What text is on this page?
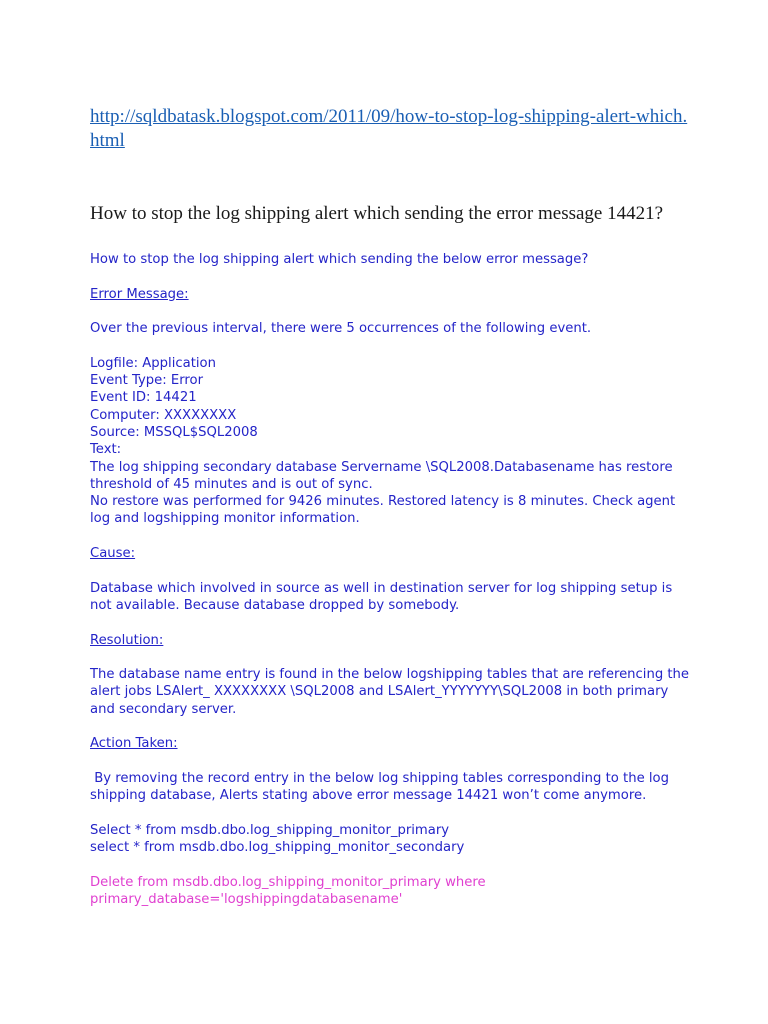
http://sqldbatask.blogspot.com/2011/09/how-to-stop-log-shipping-alert-which.html
How to stop the log shipping alert which sending the error message 14421?

How to stop the log shipping alert which sending the below error message?

Error Message:

Over the previous interval, there were 5 occurrences of the following event.

Logfile: Application

Event Type: Error

Event ID: 14421

Computer: XXXXXXXX

Source: MSSQL$SQL2008

Text:

The log shipping secondary database Servername \SQL2008.Databasename has restore threshold of 45 minutes and is out of sync.

No restore was performed for 9426 minutes. Restored latency is 8 minutes. Check agent log and logshipping monitor information.

Cause:

Database which involved in source as well in destination server for log shipping setup is not available. Because database dropped by somebody.

Resolution:

The database name entry is found in the below logshipping tables that are referencing the alert jobs LSAlert_ XXXXXXXX \SQL2008 and LSAlert_YYYYYYY\SQL2008 in both primary and secondary server.

Action Taken:

By removing the record entry in the below log shipping tables corresponding to the log shipping database, Alerts stating above error message 14421 won’t come anymore.

Select * from msdb.dbo.log_shipping_monitor_primary

select * from msdb.dbo.log_shipping_monitor_secondary

Delete from msdb.dbo.log_shipping_monitor_primary where primary_database='logshippingdatabasename'
